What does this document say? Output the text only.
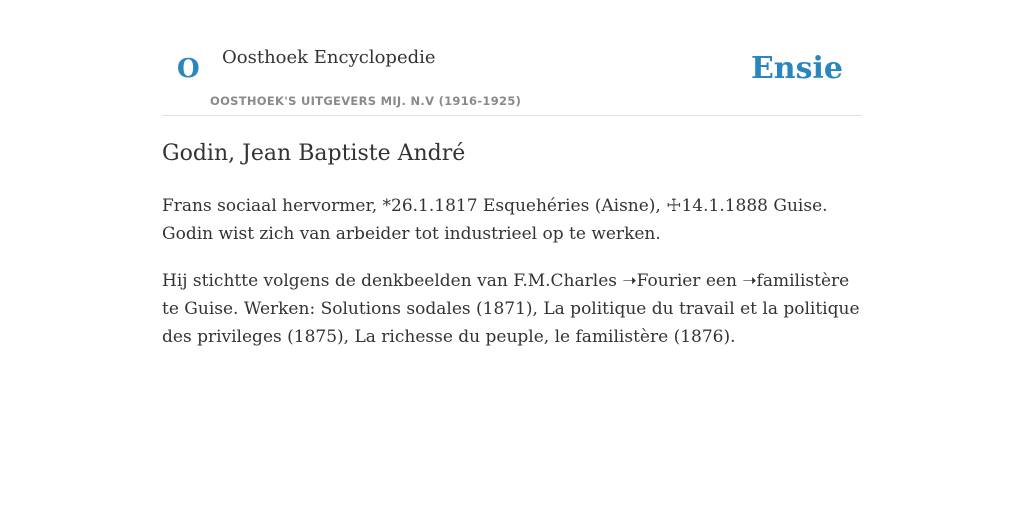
O Oosthoek Encyclopedie
OOSTHOEK'S UITGEVERS MIJ. N.V (1916-1925)
Ensie
Godin, Jean Baptiste André

Frans sociaal hervormer, *26.1.1817 Esquehéries (Aisne), ☩14.1.1888 Guise. Godin wist zich van arbeider tot industrieel op te werken.

Hij stichtte volgens de denkbeelden van F.M.Charles ➝Fourier een ➝familistère te Guise. Werken: Solutions sodales (1871), La politique du travail et la politique des privileges (1875), La richesse du peuple, le familistère (1876).
